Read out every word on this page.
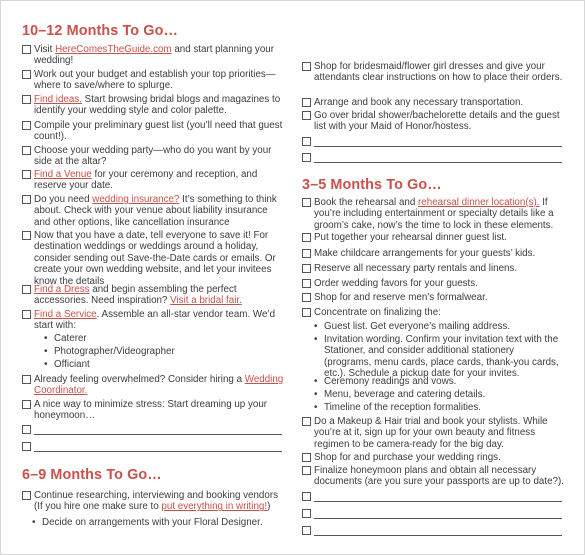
10–12 Months To Go…
Visit HereComesTheGuide.com and start planning your wedding!
Work out your budget and establish your top priorities—where to save/where to splurge.
Find ideas. Start browsing bridal blogs and magazines to identify your wedding style and color palette.
Compile your preliminary guest list (you’ll need that guest count!).
Choose your wedding party—who do you want by your side at the altar?
Find a Venue for your ceremony and reception, and reserve your date.
Do you need wedding insurance? It’s something to think about. Check with your venue about liability insurance and other options, like cancellation insurance
Now that you have a date, tell everyone to save it! For destination weddings or weddings around a holiday, consider sending out Save-the-Date cards or emails. Or create your own wedding website, and let your invitees know the details
Find a Dress and begin assembling the perfect accessories. Need inspiration? Visit a bridal fair.
Find a Service. Assemble an all-star vendor team. We’d start with:
• Caterer
• Photographer/Videographer
• Officiant
Already feeling overwhelmed? Consider hiring a Wedding Coordinator.
A nice way to minimize stress: Start dreaming up your honeymoon…
6–9 Months To Go…
Continue researching, interviewing and booking vendors (If you hire one make sure to put everything in writing!)
• Decide on arrangements with your Floral Designer.
Shop for bridesmaid/flower girl dresses and give your attendants clear instructions on how to place their orders.
Arrange and book any necessary transportation.
Go over bridal shower/bachelorette details and the guest list with your Maid of Honor/hostess.
3–5 Months To Go…
Book the rehearsal and rehearsal dinner location(s). If you’re including entertainment or specialty details like a groom’s cake, now’s the time to lock in these elements.
Put together your rehearsal dinner guest list.
Make childcare arrangements for your guests’ kids.
Reserve all necessary party rentals and linens.
Order wedding favors for your guests.
Shop for and reserve men’s formalwear.
Concentrate on finalizing the:
• Guest list. Get everyone’s mailing address.
• Invitation wording. Confirm your invitation text with the Stationer, and consider additional stationery (programs, menu cards, place cards, thank-you cards, etc.). Schedule a pickup date for your invites.
• Ceremony readings and vows.
• Menu, beverage and catering details.
• Timeline of the reception formalities.
Do a Makeup & Hair trial and book your stylists. While you’re at it, sign up for your own beauty and fitness regimen to be camera-ready for the big day.
Shop for and purchase your wedding rings.
Finalize honeymoon plans and obtain all necessary documents (are you sure your passports are up to date?).
